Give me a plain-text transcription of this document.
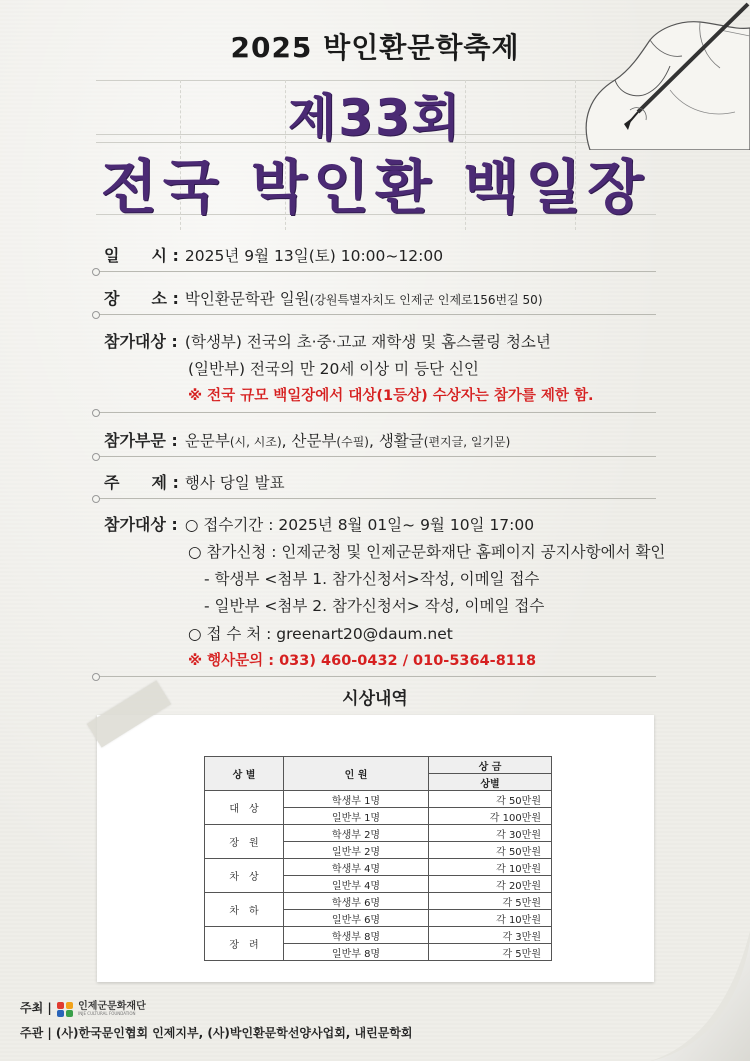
2025 박인환문학축제
제33회
전국 박인환 백일장
일　　시 : 2025년 9월 13일(토) 10:00~12:00
장　　소 : 박인환문학관 일원(강원특별자치도 인제군 인제로156번길 50)
참가대상 : (학생부) 전국의 초·중·고교 재학생 및 홈스쿨링 청소년
(일반부) 전국의 만 20세 이상 미 등단 신인
※ 전국 규모 백일장에서 대상(1등상) 수상자는 참가를 제한 함.
참가부문 : 운문부(시, 시조), 산문부(수필), 생활글(편지글, 일기문)
주　　제 : 행사 당일 발표
참가대상 : ○ 접수기간 : 2025년 8월 01일~ 9월 10일 17:00
○ 참가신청 : 인제군청 및 인제군문화재단 홈페이지 공지사항에서 확인
- 학생부 <첨부 1. 참가신청서>작성, 이메일 접수
- 일반부 <첨부 2. 참가신청서> 작성, 이메일 접수
○ 접 수 처 : greenart20@daum.net
※ 행사문의 : 033) 460-0432 / 010-5364-8118
시상내역
상 별	인 원	상 금
		상별
대　상	학생부 1명	각 50만원
	일반부 1명	각 100만원
장　원	학생부 2명	각 30만원
	일반부 2명	각 50만원
차　상	학생부 4명	각 10만원
	일반부 4명	각 20만원
차　하	학생부 6명	각 5만원
	일반부 6명	각 10만원
장　려	학생부 8명	각 3만원
	일반부 8명	각 5만원
주최 |	인제군문화재단
INJE CULTURAL FOUNDATION
주관 | (사)한국문인협회 인제지부, (사)박인환문학선양사업회, 내린문학회
